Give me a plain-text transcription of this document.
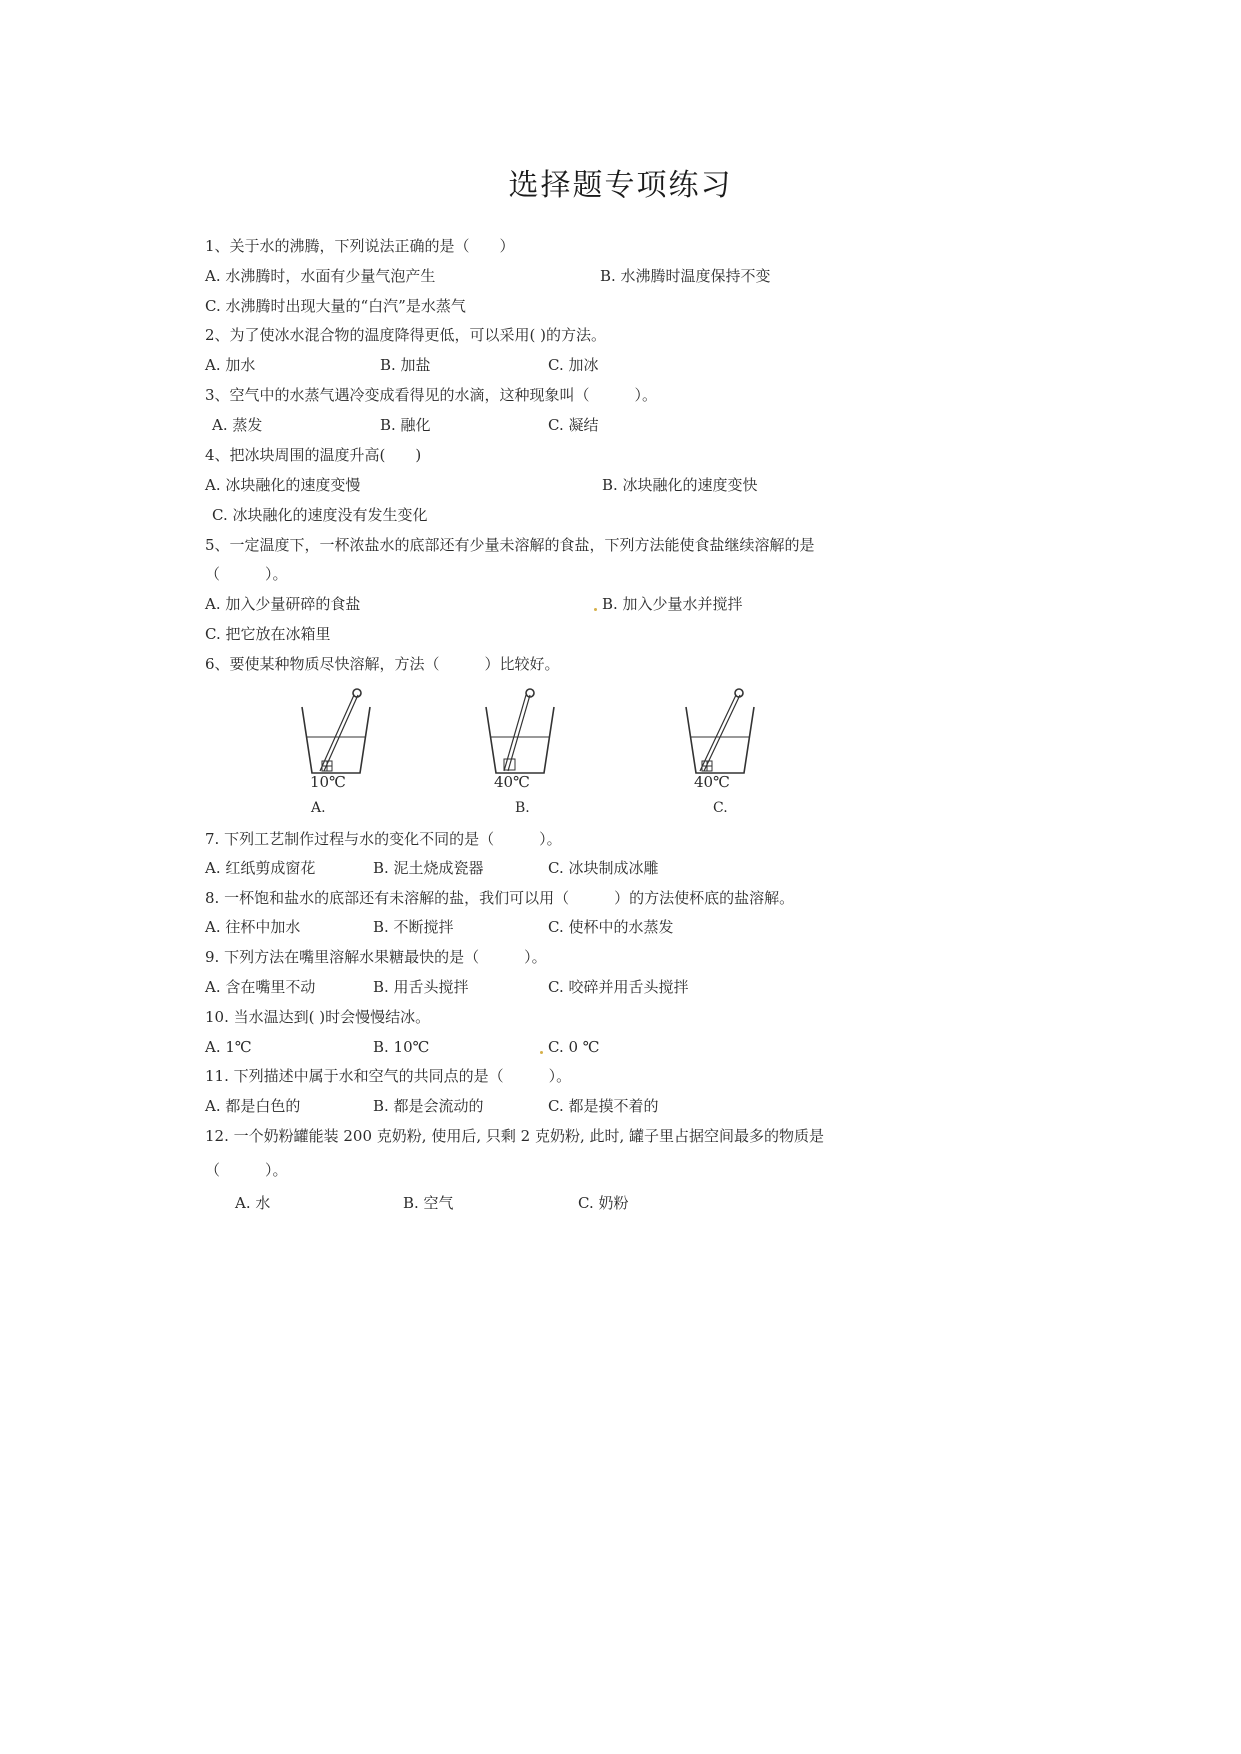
选择题专项练习
1、关于水的沸腾，下列说法正确的是（　　）
A. 水沸腾时，水面有少量气泡产生	B. 水沸腾时温度保持不变
C. 水沸腾时出现大量的“白汽”是水蒸气
2、为了使冰水混合物的温度降得更低，可以采用( )的方法。
A. 加水	B. 加盐	C. 加冰
3、空气中的水蒸气遇冷变成看得见的水滴，这种现象叫（　　　）。
A. 蒸发	B. 融化	C. 凝结
4、把冰块周围的温度升高(　　)
A. 冰块融化的速度变慢	B. 冰块融化的速度变快
C. 冰块融化的速度没有发生变化
5、一定温度下，一杯浓盐水的底部还有少量未溶解的食盐，下列方法能使食盐继续溶解的是
（　　　）。
A. 加入少量研碎的食盐	B. 加入少量水并搅拌
C. 把它放在冰箱里
6、要使某种物质尽快溶解，方法（　　　）比较好。
10℃	40℃	40℃
A.	B.	C.
7. 下列工艺制作过程与水的变化不同的是（　　　）。
A. 红纸剪成窗花	B. 泥土烧成瓷器	C. 冰块制成冰雕
8. 一杯饱和盐水的底部还有未溶解的盐，我们可以用（　　　）的方法使杯底的盐溶解。
A. 往杯中加水	B. 不断搅拌	C. 使杯中的水蒸发
9. 下列方法在嘴里溶解水果糖最快的是（　　　）。
A. 含在嘴里不动	B. 用舌头搅拌	C. 咬碎并用舌头搅拌
10. 当水温达到( )时会慢慢结冰。
A. 1℃	B. 10℃	C. 0 ℃
11. 下列描述中属于水和空气的共同点的是（　　　）。
A. 都是白色的	B. 都是会流动的	C. 都是摸不着的
12. 一个奶粉罐能装 200 克奶粉, 使用后, 只剩 2 克奶粉, 此时, 罐子里占据空间最多的物质是
（　　　）。
A. 水	B. 空气	C. 奶粉
